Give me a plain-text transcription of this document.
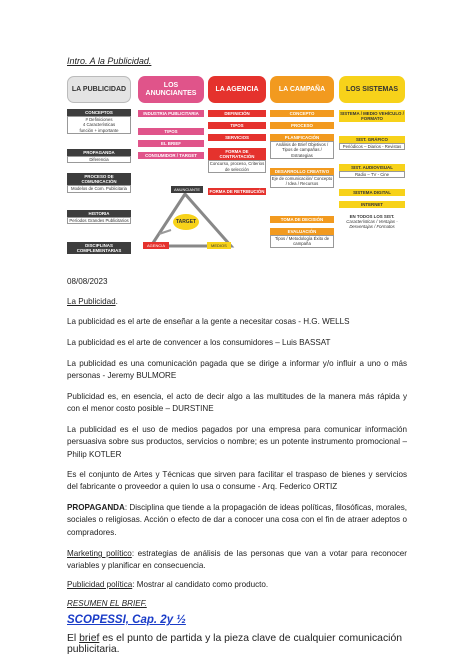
Intro. A la Publicidad.
LA PUBLICIDAD
CONCEPTOS
# Definiciones
4 Características
función + importante
PROPAGANDA
Diferencia
PROCESO DE COMUNICACIÓN
Modelos de Com. Publicitaria
HISTORIA
Períodos Grandes Publicitarios
DISCIPLINAS COMPLEMENTARIAS
LOS ANUNCIANTES
INDUSTRIA PUBLICITARIA
TIPOS
EL BRIEF
CONSUMIDOR / TARGET
LA AGENCIA
DEFINICIÓN
TIPOS
SERVICIOS
FORMA DE CONTRATACIÓN
Concurso, proceso, Criterios de selección
FORMA DE RETRIBUCIÓN
LA CAMPAÑA
CONCEPTO
PROCESO
PLANIFICACIÓN
Análisis de Brief Objetivos / Tipos de campañas / Estrategias
DESARROLLO CREATIVO
Eje de comunicación/ Concepto / Idea / Recursos
TOMA DE DECISIÓN
EVALUACIÓN
Tipos / Metodología Éxito de campaña
LOS SISTEMAS
SISTEMA / MEDIO VEHÍCULO / FORMATO
SIST. GRÁFICO
Periódicos – Diarios - Revistas
SIST. AUDIOVISUAL
Radio – TV - Cine
SISTEMA DIGITAL
INTERNET
EN TODOS LOS SIST.
Características / Ventajas -Desventajas / Formatos
ANUNCIANTE
TARGET
AGENCIA	MEDIOS
08/08/2023
La Publicidad.
La publicidad es el arte de enseñar a la gente a necesitar cosas - H.G. WELLS
La publicidad es el arte de convencer a los consumidores – Luis BASSAT
La publicidad es una comunicación pagada que se dirige a informar y/o influir a uno o más personas - Jeremy BULMORE
Publicidad es, en esencia, el acto de decir algo a las multitudes de la manera más rápida y con el menor costo posible – DURSTINE
La publicidad es el uso de medios pagados por una empresa para comunicar información persuasiva sobre sus productos, servicios o nombre; es un potente instrumento promocional – Philip KOTLER
Es el conjunto de Artes y Técnicas que sirven para facilitar el traspaso de bienes y servicios del fabricante o proveedor a quien lo usa o consume - Arq. Federico ORTIZ
PROPAGANDA: Disciplina que tiende a la propagación de ideas políticas, filosóficas, morales, sociales o religiosas. Acción o efecto de dar a conocer una cosa con el fin de atraer adeptos o compradores.
Marketing político: estrategias de análisis de las personas que van a votar para reconocer variables y planificar en consecuencia.
Publicidad política: Mostrar al candidato como producto.
RESUMEN EL BRIEF.
SCOPESSI, Cap. 2y ½
El brief es el punto de partida y la pieza clave de cualquier comunicación publicitaria.
